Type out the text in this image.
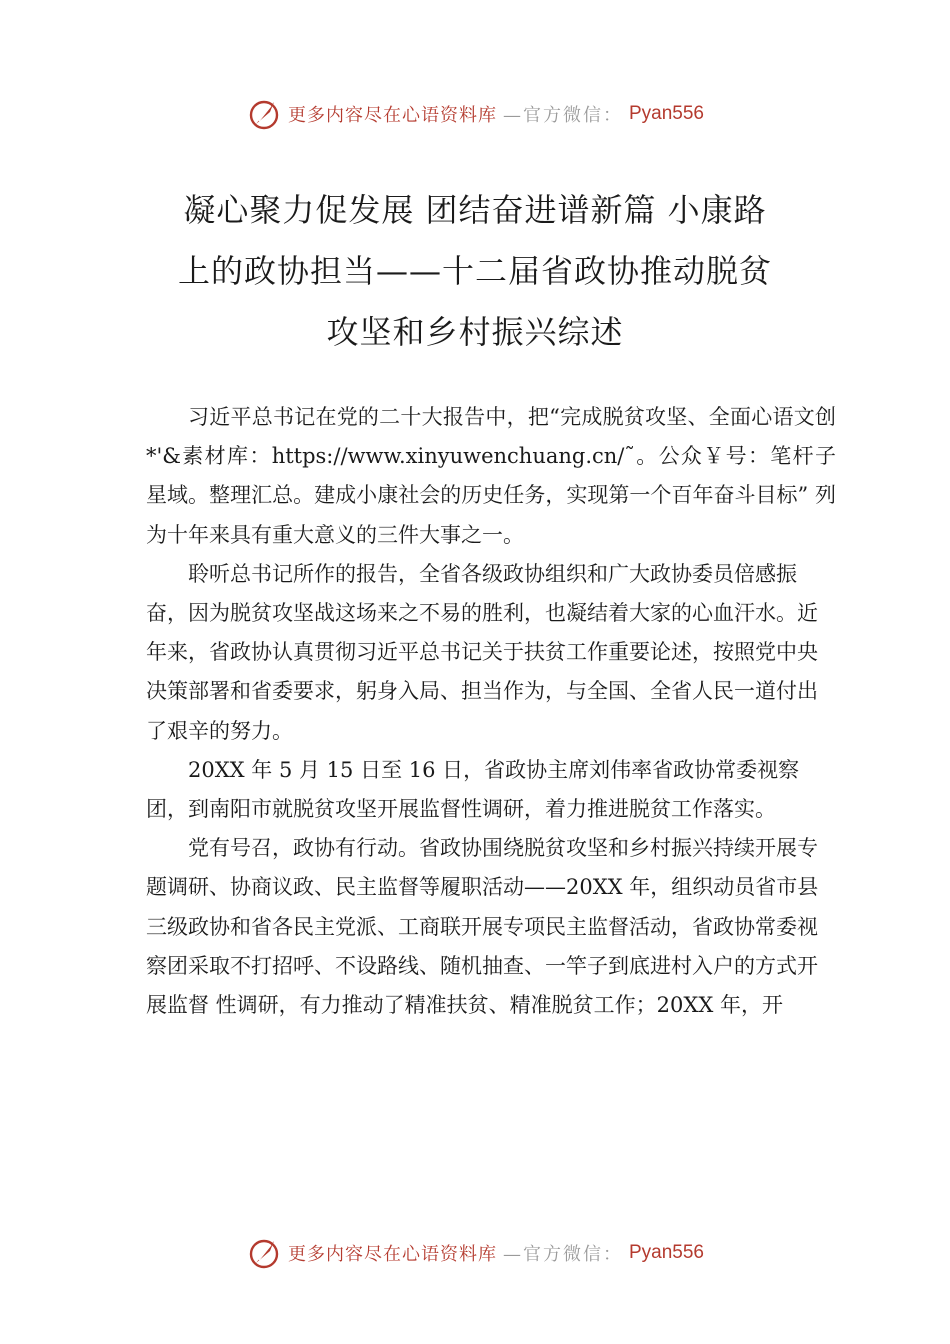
更多内容尽在心语资料库 —官方微信： Pyan556
凝心聚力促发展 团结奋进谱新篇 小康路
上的政协担当——十二届省政协推动脱贫
攻坚和乡村振兴综述

习近平总书记在党的二十大报告中，把“完成脱贫攻坚、全面心语文创*'&素材库：https://www.xinyuwenchuang.cn/˜。公众￥号：笔杆子星域。整理汇总。建成小康社会的历史任务，实现第一个百年奋斗目标” 列为十年来具有重大意义的三件大事之一。

聆听总书记所作的报告，全省各级政协组织和广大政协委员倍感振奋，因为脱贫攻坚战这场来之不易的胜利，也凝结着大家的心血汗水。近年来，省政协认真贯彻习近平总书记关于扶贫工作重要论述，按照党中央决策部署和省委要求，躬身入局、担当作为，与全国、全省人民一道付出了艰辛的努力。

20XX 年 5 月 15 日至 16 日，省政协主席刘伟率省政协常委视察团，到南阳市就脱贫攻坚开展监督性调研，着力推进脱贫工作落实。

党有号召，政协有行动。省政协围绕脱贫攻坚和乡村振兴持续开展专题调研、协商议政、民主监督等履职活动——20XX 年，组织动员省市县三级政协和省各民主党派、工商联开展专项民主监督活动，省政协常委视察团采取不打招呼、不设路线、随机抽查、一竿子到底进村入户的方式开展监督 性调研，有力推动了精准扶贫、精准脱贫工作；20XX 年，开

更多内容尽在心语资料库 —官方微信： Pyan556
